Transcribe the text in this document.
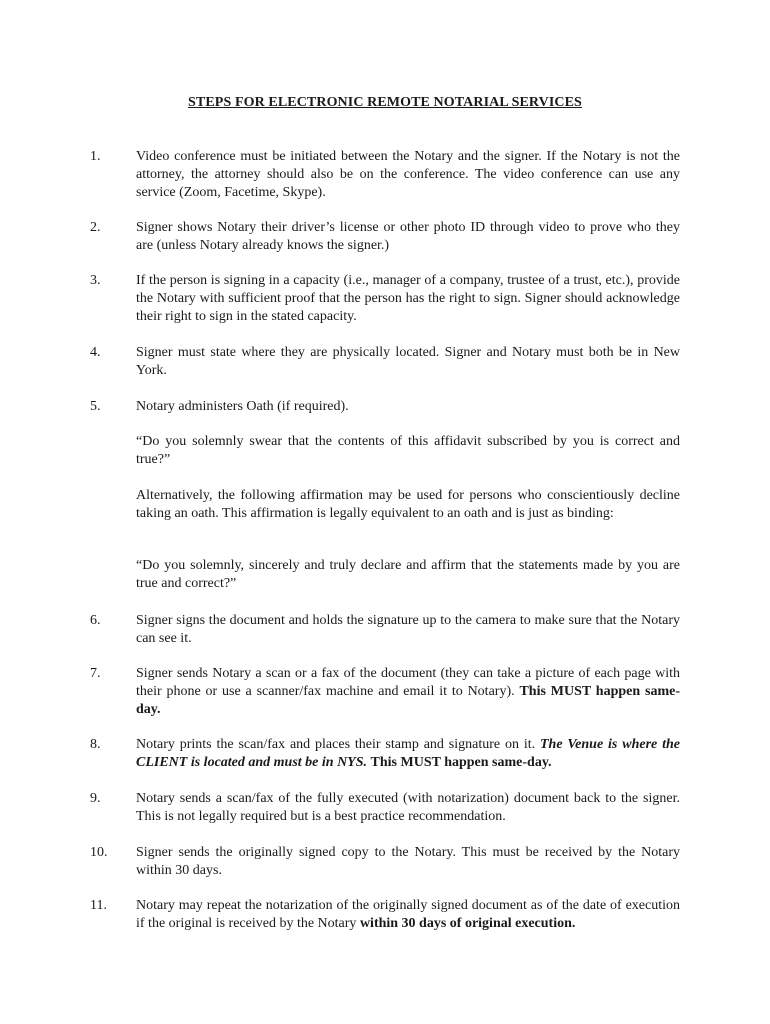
STEPS FOR ELECTRONIC REMOTE NOTARIAL SERVICES
1.	Video conference must be initiated between the Notary and the signer. If the Notary is not the attorney, the attorney should also be on the conference. The video conference can use any service (Zoom, Facetime, Skype).
2.	Signer shows Notary their driver’s license or other photo ID through video to prove who they are (unless Notary already knows the signer.)
3.	If the person is signing in a capacity (i.e., manager of a company, trustee of a trust, etc.), provide the Notary with sufficient proof that the person has the right to sign. Signer should acknowledge their right to sign in the stated capacity.
4.	Signer must state where they are physically located. Signer and Notary must both be in New York.
5.	Notary administers Oath (if required).
“Do you solemnly swear that the contents of this affidavit subscribed by you is correct and true?”
Alternatively, the following affirmation may be used for persons who conscientiously decline taking an oath. This affirmation is legally equivalent to an oath and is just as binding:
“Do you solemnly, sincerely and truly declare and affirm that the statements made by you are true and correct?”
6.	Signer signs the document and holds the signature up to the camera to make sure that the Notary can see it.
7.	Signer sends Notary a scan or a fax of the document (they can take a picture of each page with their phone or use a scanner/fax machine and email it to Notary). This MUST happen same-day.
8.	Notary prints the scan/fax and places their stamp and signature on it. The Venue is where the CLIENT is located and must be in NYS. This MUST happen same-day.
9.	Notary sends a scan/fax of the fully executed (with notarization) document back to the signer. This is not legally required but is a best practice recommendation.
10.	Signer sends the originally signed copy to the Notary. This must be received by the Notary within 30 days.
11.	Notary may repeat the notarization of the originally signed document as of the date of execution if the original is received by the Notary within 30 days of original execution.
